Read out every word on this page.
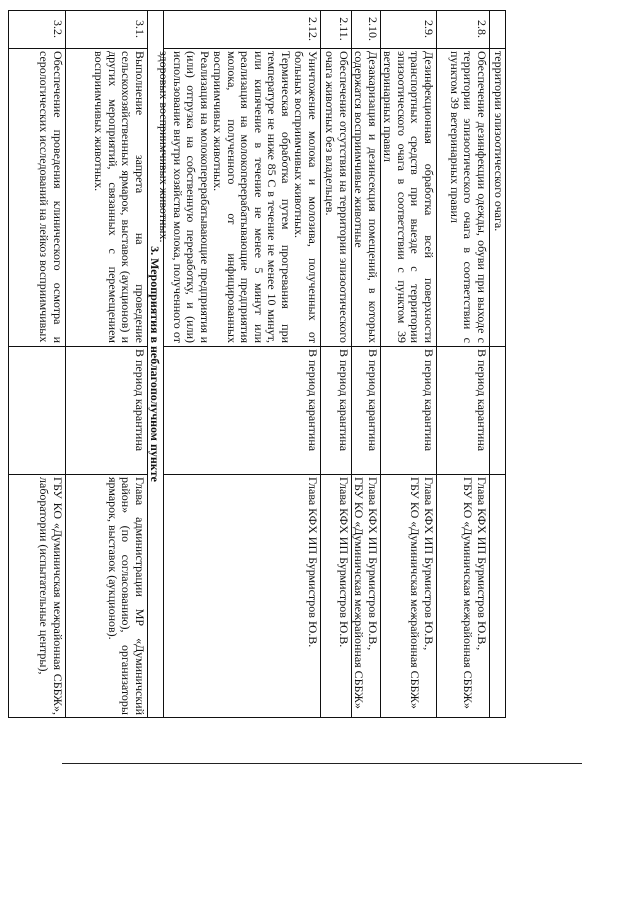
территории эпизоотического очага.
2.8.
Обеспечение дезинфекции одежды, обуви при выходе с территории эпизоотического очага в соответствии с пунктом 39 ветеринарных правил
В период карантина
Глава КФХ ИП Бурмистров Ю.В.,
ГБУ КО «Думиничская межрайонная СББЖ»
2.9.
Дезинфекционная обработка всей поверхности транспортных средств при выезде с территории эпизоотического очага в соответствии с пунктом 39 ветеринарных правил
В период карантина
Глава КФХ ИП Бурмистров Ю.В.,
ГБУ КО «Думиничская межрайонная СББЖ»
2.10.
Дезакаризация и дезинсекция помещений, в которых содержатся восприимчивые животные
В период карантина
Глава КФХ ИП Бурмистров Ю.В.,
ГБУ КО «Думиничская межрайонная СББЖ»
2.11.
Обеспечение отсутствия на территории эпизоотического очага животных без владельцев.
В период карантина
Глава КФХ ИП Бурмистров Ю.В.
2.12.
Уничтожение молока и молозива, полученных от больных восприимчивых животных.
Термическая обработка путем прогревания при температуре не ниже 85 С в течение не менее 10 минут, или кипячение в течение не менее 5 минут или реализация на молокоперерабатывающие предприятия молока, полученного от инфицированных восприимчивых животных.
Реализация на молокоперерабатывающие предприятия и (или) отгрузка на собственную переработку, и (или) использование внутри хозяйства молока, полученного от здоровых восприимчивых животных.
В период карантина
Глава КФХ ИП Бурмистров Ю.В.
3. Мероприятия в неблагополучном пункте
3.1.
Выполнение запрета на проведение сельскохозяйственных ярмарок, выставок (аукционов) и других мероприятий, связанных с перемещением восприимчивых животных.
В период карантина
Глава администрации МР «Думиничский район» (по согласованию), организаторы ярмарок, выставок (аукционов).
3.2.
Обеспечение проведения клинического осмотра и серологических исследований на лейкоз восприимчивых
ГБУ КО «Думиничская межрайонная СББЖ», лаборатории (испытательные центры),
